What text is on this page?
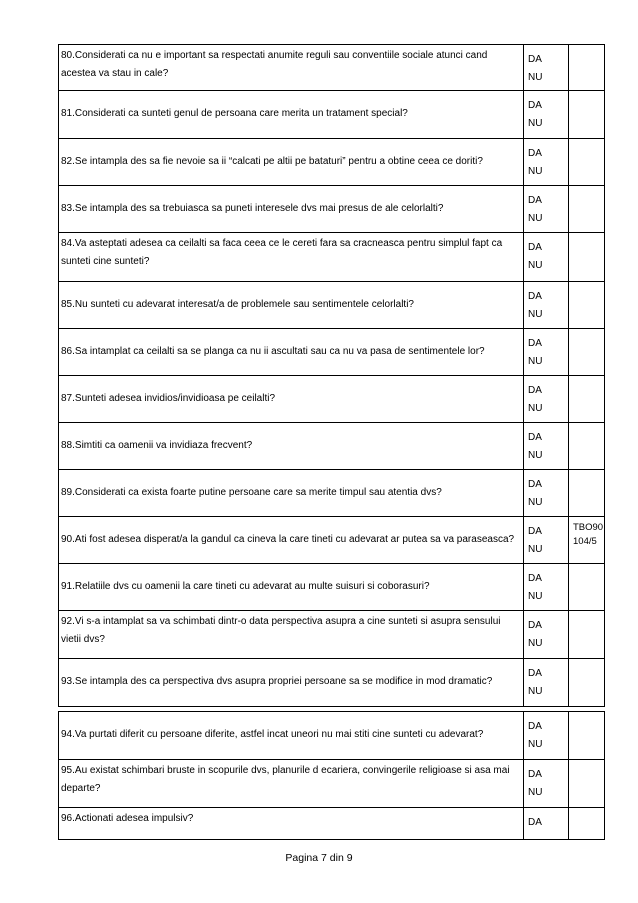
80.Considerati ca nu e important sa respectati anumite reguli sau conventiile sociale atunci cand acestea va stau in cale?	DA
NU	

81.Considerati ca sunteti genul de persoana care merita un tratament special?	DA
NU	

82.Se intampla des sa fie nevoie sa ii “calcati pe altii pe bataturi” pentru a obtine ceea ce doriti?	DA
NU	

83.Se intampla des sa trebuiasca sa puneti interesele dvs mai presus de ale celorlalti?	DA
NU	

84.Va asteptati adesea ca ceilalti sa faca ceea ce le cereti fara sa cracneasca pentru simplul fapt ca sunteti cine sunteti?	DA
NU	

85.Nu sunteti cu adevarat interesat/a de problemele sau sentimentele celorlalti?	DA
NU	

86.Sa intamplat ca ceilalti sa se planga ca nu ii ascultati sau ca nu va pasa de sentimentele lor?	DA
NU	

87.Sunteti adesea invidios/invidioasa pe ceilalti?	DA
NU	

88.Simtiti ca oamenii va invidiaza frecvent?	DA
NU	

89.Considerati ca exista foarte putine persoane care sa merite timpul sau atentia dvs?	DA
NU	

90.Ati fost adesea disperat/a la gandul ca cineva la care tineti cu adevarat ar putea sa va paraseasca?	DA
NU	TBO90 104/5

91.Relatiile dvs cu oamenii la care tineti cu adevarat au multe suisuri si coborasuri?	DA
NU	

92.Vi s-a intamplat sa va schimbati dintr-o data perspectiva asupra a cine sunteti si asupra sensului vietii dvs?	DA
NU	

93.Se intampla des ca perspectiva dvs asupra propriei persoane sa se modifice in mod dramatic?	DA
NU	

94.Va purtati diferit cu persoane diferite, astfel incat uneori nu mai stiti cine sunteti cu adevarat?	DA
NU	

95.Au existat schimbari bruste in scopurile dvs, planurile d ecariera, convingerile religioase si asa mai departe?	DA
NU	

96.Actionati adesea impulsiv?	DA	

Pagina 7 din 9
